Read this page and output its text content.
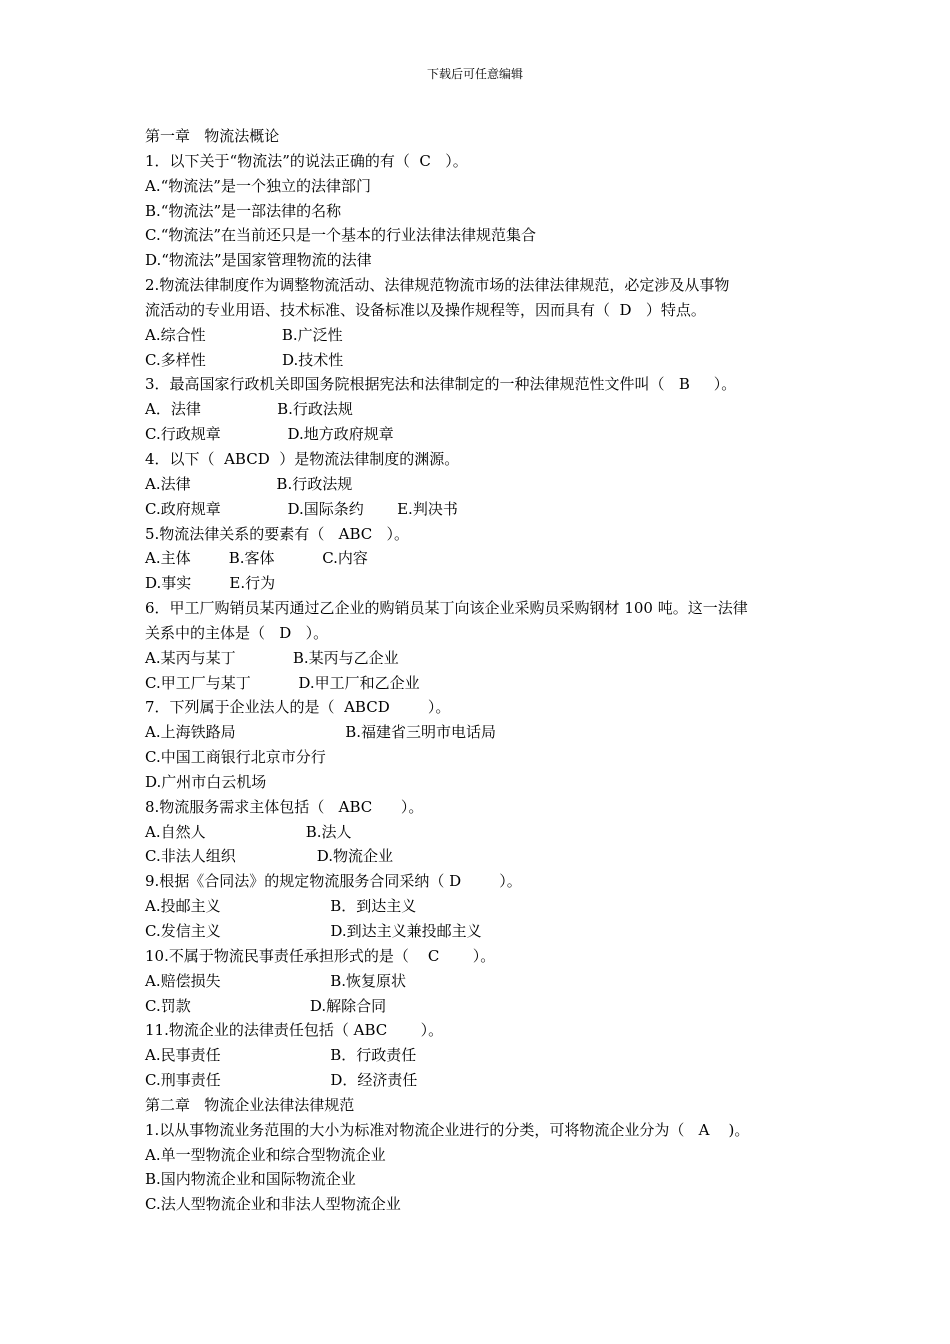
下载后可任意编辑
第一章   物流法概论
1．以下关于“物流法”的说法正确的有（  C   ）。
A.“物流法”是一个独立的法律部门
B.“物流法”是一部法律的名称
C.“物流法”在当前还只是一个基本的行业法律法律规范集合
D.“物流法”是国家管理物流的法律
2.物流法律制度作为调整物流活动、法律规范物流市场的法律法律规范，必定涉及从事物
流活动的专业用语、技术标准、设备标准以及操作规程等，因而具有（  D   ）特点。
A.综合性                B.广泛性
C.多样性                D.技术性
3．最高国家行政机关即国务院根据宪法和法律制定的一种法律规范性文件叫（   B     ）。
A．法律                B.行政法规
C.行政规章              D.地方政府规章
4．以下（  ABCD  ）是物流法律制度的渊源。
A.法律                  B.行政法规
C.政府规章              D.国际条约       E.判决书
5.物流法律关系的要素有（   ABC   ）。
A.主体        B.客体          C.内容
D.事实        E.行为
6．甲工厂购销员某丙通过乙企业的购销员某丁向该企业采购员采购钢材 100 吨。这一法律
关系中的主体是（   D   ）。
A.某丙与某丁            B.某丙与乙企业
C.甲工厂与某丁          D.甲工厂和乙企业
7．下列属于企业法人的是（  ABCD        ）。
A.上海铁路局                       B.福建省三明市电话局
C.中国工商银行北京市分行
D.广州市白云机场
8.物流服务需求主体包括（   ABC      ）。
A.自然人                     B.法人
C.非法人组织                 D.物流企业
9.根据《合同法》的规定物流服务合同采纳（ D        ）。
A.投邮主义                       B．到达主义
C.发信主义                       D.到达主义兼投邮主义
10.不属于物流民事责任承担形式的是（    C       ）。
A.赔偿损失                       B.恢复原状
C.罚款                         D.解除合同
11.物流企业的法律责任包括（ ABC       ）。
A.民事责任                       B．行政责任
C.刑事责任                       D．经济责任
第二章   物流企业法律法律规范
1.以从事物流业务范围的大小为标准对物流企业进行的分类，可将物流企业分为（   A    )。
A.单一型物流企业和综合型物流企业
B.国内物流企业和国际物流企业
C.法人型物流企业和非法人型物流企业
